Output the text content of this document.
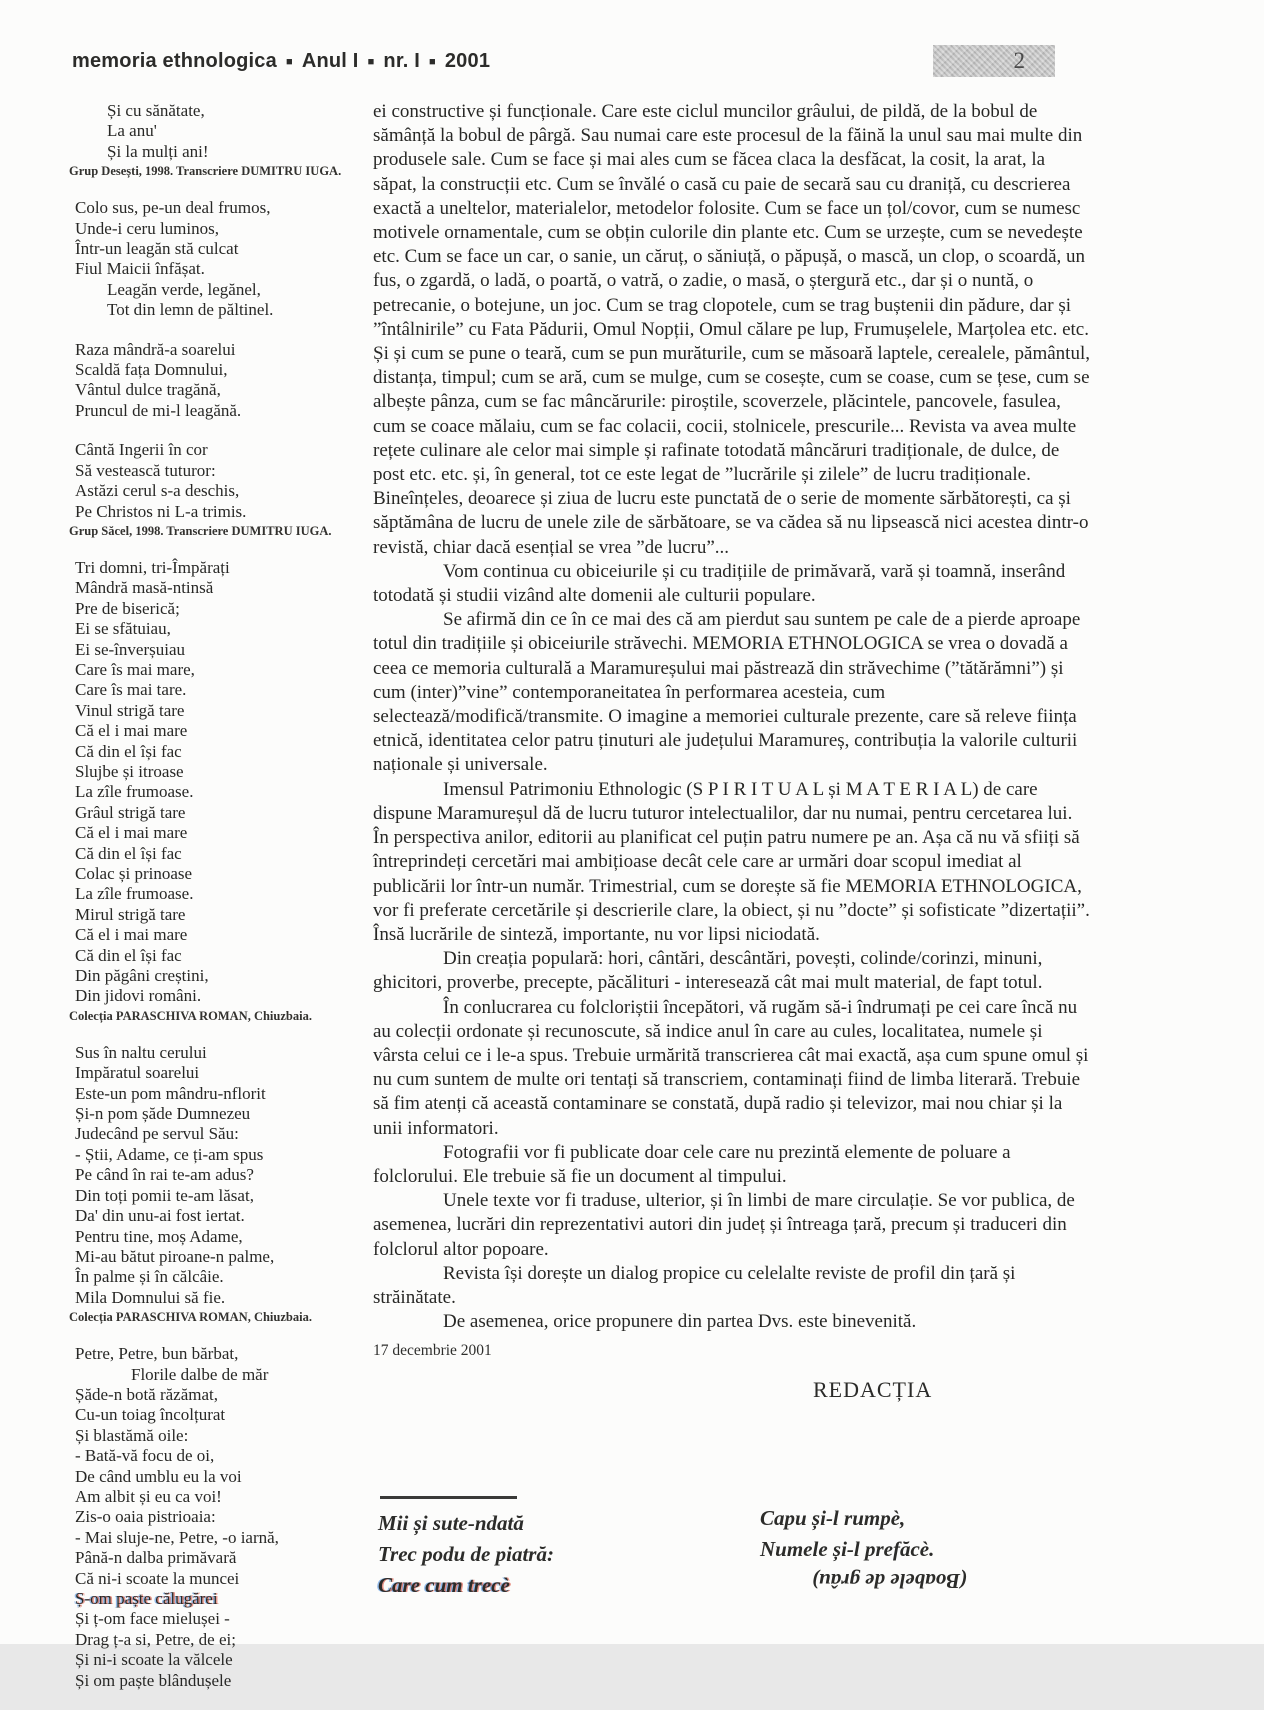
memoria ethnologica ■ Anul I ■ nr. I ■ 2001	2
Și cu sănătate,
La anu'
Și la mulți ani!
Grup Desești, 1998. Transcriere DUMITRU IUGA.
Colo sus, pe-un deal frumos,
Unde-i ceru luminos,
Într-un leagăn stă culcat
Fiul Maicii înfășat.
Leagăn verde, legănel,
Tot din lemn de păltinel.
Raza mândră-a soarelui
Scaldă fața Domnului,
Vântul dulce tragănă,
Pruncul de mi-l leagănă.
Cântă Ingerii în cor
Să vestească tuturor:
Astăzi cerul s-a deschis,
Pe Christos ni L-a trimis.
Grup Săcel, 1998. Transcriere DUMITRU IUGA.
Tri domni, tri-Împărați
Mândră masă-ntinsă
Pre de biserică;
Ei se sfătuiau,
Ei se-înverșuiau
Care îs mai mare,
Care îs mai tare.
Vinul strigă tare
Că el i mai mare
Că din el își fac
Slujbe și itroase
La zîle frumoase.
Grâul strigă tare
Că el i mai mare
Că din el își fac
Colac și prinoase
La zîle frumoase.
Mirul strigă tare
Că el i mai mare
Că din el își fac
Din păgâni creștini,
Din jidovi români.
Colecția PARASCHIVA ROMAN, Chiuzbaia.
Sus în naltu cerului
Impăratul soarelui
Este-un pom mândru-nflorit
Și-n pom șăde Dumnezeu
Judecând pe servul Său:
- Știi, Adame, ce ți-am spus
Pe când în rai te-am adus?
Din toți pomii te-am lăsat,
Da' din unu-ai fost iertat.
Pentru tine, moș Adame,
Mi-au bătut piroane-n palme,
În palme și în călcâie.
Mila Domnului să fie.
Colecția PARASCHIVA ROMAN, Chiuzbaia.
Petre, Petre, bun bărbat,
Florile dalbe de măr
Șăde-n botă răzămat,
Cu-un toiag încolțurat
Și blastămă oile:
- Bată-vă focu de oi,
De când umblu eu la voi
Am albit și eu ca voi!
Zis-o oaia pistrioaia:
- Mai sluje-ne, Petre, -o iarnă,
Până-n dalba primăvară
Că ni-i scoate la muncei
Ș-om paște călugărei
Și ț-om face mielușei -
Drag ț-a si, Petre, de ei;
Și ni-i scoate la vălcele
Și om paște blândușele

ei constructive și funcționale. Care este ciclul muncilor grâului, de pildă, de la bobul de sămânță la bobul de pârgă. Sau numai care este procesul de la făină la unul sau mai multe din produsele sale. Cum se face și mai ales cum se făcea claca la desfăcat, la cosit, la arat, la săpat, la construcții etc. Cum se învălé o casă cu paie de secară sau cu draniță, cu descrierea exactă a uneltelor, materialelor, metodelor folosite. Cum se face un țol/covor, cum se numesc motivele ornamentale, cum se obțin culorile din plante etc. Cum se urzește, cum se nevedește etc. Cum se face un car, o sanie, un căruț, o săniuță, o păpușă, o mască, un clop, o scoardă, un fus, o zgardă, o ladă, o poartă, o vatră, o zadie, o masă, o ștergură etc., dar și o nuntă, o petrecanie, o botejune, un joc. Cum se trag clopotele, cum se trag buștenii din pădure, dar și ”întâlnirile” cu Fata Pădurii, Omul Nopții, Omul călare pe lup, Frumușelele, Marțolea etc. etc. Și și cum se pune o teară, cum se pun murăturile, cum se măsoară laptele, cerealele, pământul, distanța, timpul; cum se ară, cum se mulge, cum se cosește, cum se coase, cum se țese, cum se albește pânza, cum se fac mâncărurile: piroștile, scoverzele, plăcintele, pancovele, fasulea, cum se coace mălaiu, cum se fac colacii, cocii, stolnicele, prescurile... Revista va avea multe rețete culinare ale celor mai simple și rafinate totodată mâncăruri tradiționale, de dulce, de post etc. etc. și, în general, tot ce este legat de ”lucrările și zilele” de lucru tradiționale. Bineînțeles, deoarece și ziua de lucru este punctată de o serie de momente sărbătorești, ca și săptămâna de lucru de unele zile de sărbătoare, se va cădea să nu lipsească nici acestea dintr-o revistă, chiar dacă esențial se vrea ”de lucru”...

Vom continua cu obiceiurile și cu tradițiile de primăvară, vară și toamnă, inserând totodată și studii vizând alte domenii ale culturii populare.

Se afirmă din ce în ce mai des că am pierdut sau suntem pe cale de a pierde aproape totul din tradițiile și obiceiurile străvechi. MEMORIA ETHNOLOGICA se vrea o dovadă a ceea ce memoria culturală a Maramureșului mai păstrează din străvechime (”tătărămni”) și cum (inter)”vine” contemporaneitatea în performarea acesteia, cum selectează/modifică/transmite. O imagine a memoriei culturale prezente, care să releve ființa etnică, identitatea celor patru ținuturi ale județului Maramureș, contribuția la valorile culturii naționale și universale.

Imensul Patrimoniu Ethnologic (S P I R I T U A L și M A T E R I A L) de care dispune Maramureșul dă de lucru tuturor intelectualilor, dar nu numai, pentru cercetarea lui. În perspectiva anilor, editorii au planificat cel puțin patru numere pe an. Așa că nu vă sfiiți să întreprindeți cercetări mai ambițioase decât cele care ar urmări doar scopul imediat al publicării lor într-un număr. Trimestrial, cum se dorește să fie MEMORIA ETHNOLOGICA, vor fi preferate cercetările și descrierile clare, la obiect, și nu ”docte” și sofisticate ”dizertații”. Însă lucrările de sinteză, importante, nu vor lipsi niciodată.

Din creația populară: hori, cântări, descântări, povești, colinde/corinzi, minuni, ghicitori, proverbe, precepte, păcălituri - interesează cât mai mult material, de fapt totul.

În conlucrarea cu folcloriștii începători, vă rugăm să-i îndrumați pe cei care încă nu au colecții ordonate și recunoscute, să indice anul în care au cules, localitatea, numele și vârsta celui ce i le-a spus. Trebuie urmărită transcrierea cât mai exactă, așa cum spune omul și nu cum suntem de multe ori tentați să transcriem, contaminați fiind de limba literară. Trebuie să fim atenți că această contaminare se constată, după radio și televizor, mai nou chiar și la unii informatori.

Fotografii vor fi publicate doar cele care nu prezintă elemente de poluare a folclorului. Ele trebuie să fie un document al timpului.

Unele texte vor fi traduse, ulterior, și în limbi de mare circulație. Se vor publica, de asemenea, lucrări din reprezentativi autori din județ și întreaga țară, precum și traduceri din folclorul altor popoare.

Revista își dorește un dialog propice cu celelalte reviste de profil din țară și străinătate.

De asemenea, orice propunere din partea Dvs. este binevenită.

17 decembrie 2001
REDACȚIA
Mii și sute-ndată
Trec podu de piatră:
Care cum trecè
Capu și-l rumpè,
Numele și-l prefăcè.
(Boabele de grâu)
